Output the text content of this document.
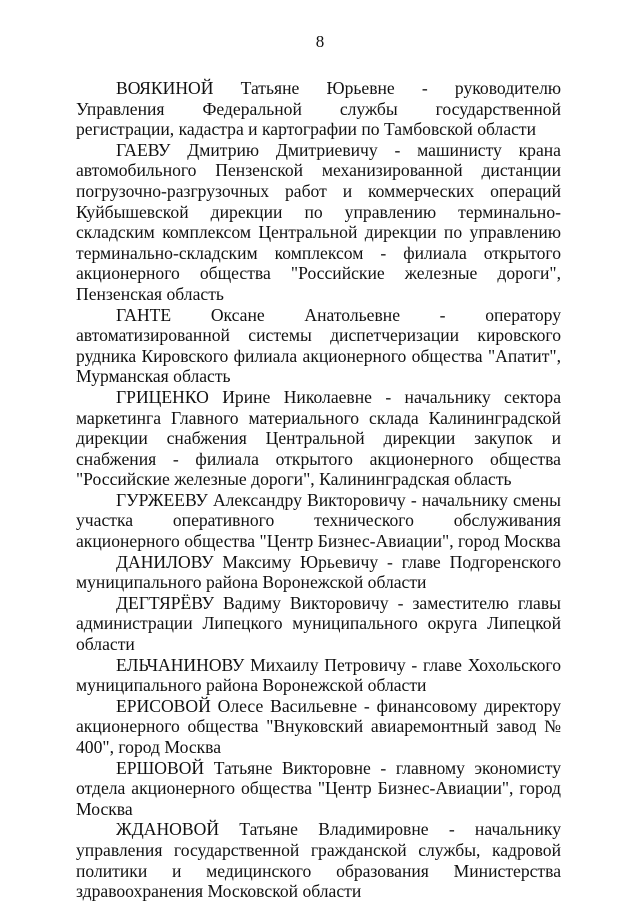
8

ВОЯКИНОЙ Татьяне Юрьевне - руководителю Управления Федеральной службы государственной регистрации, кадастра и картографии по Тамбовской области

ГАЕВУ Дмитрию Дмитриевичу - машинисту крана автомобильного Пензенской механизированной дистанции погрузочно-разгрузочных работ и коммерческих операций Куйбышевской дирекции по управлению терминально-складским комплексом Центральной дирекции по управлению терминально-складским комплексом - филиала открытого акционерного общества "Российские железные дороги", Пензенская область

ГАНТЕ Оксане Анатольевне - оператору автоматизированной системы диспетчеризации кировского рудника Кировского филиала акционерного общества "Апатит", Мурманская область

ГРИЦЕНКО Ирине Николаевне - начальнику сектора маркетинга Главного материального склада Калининградской дирекции снабжения Центральной дирекции закупок и снабжения - филиала открытого акционерного общества "Российские железные дороги", Калининградская область

ГУРЖЕЕВУ Александру Викторовичу - начальнику смены участка оперативного технического обслуживания акционерного общества "Центр Бизнес-Авиации", город Москва

ДАНИЛОВУ Максиму Юрьевичу - главе Подгоренского муниципального района Воронежской области

ДЕГТЯРЁВУ Вадиму Викторовичу - заместителю главы администрации Липецкого муниципального округа Липецкой области

ЕЛЬЧАНИНОВУ Михаилу Петровичу - главе Хохольского муниципального района Воронежской области

ЕРИСОВОЙ Олесе Васильевне - финансовому директору акционерного общества "Внуковский авиаремонтный завод № 400", город Москва

ЕРШОВОЙ Татьяне Викторовне - главному экономисту отдела акционерного общества "Центр Бизнес-Авиации", город Москва

ЖДАНОВОЙ Татьяне Владимировне - начальнику управления государственной гражданской службы, кадровой политики и медицинского образования Министерства здравоохранения Московской области
